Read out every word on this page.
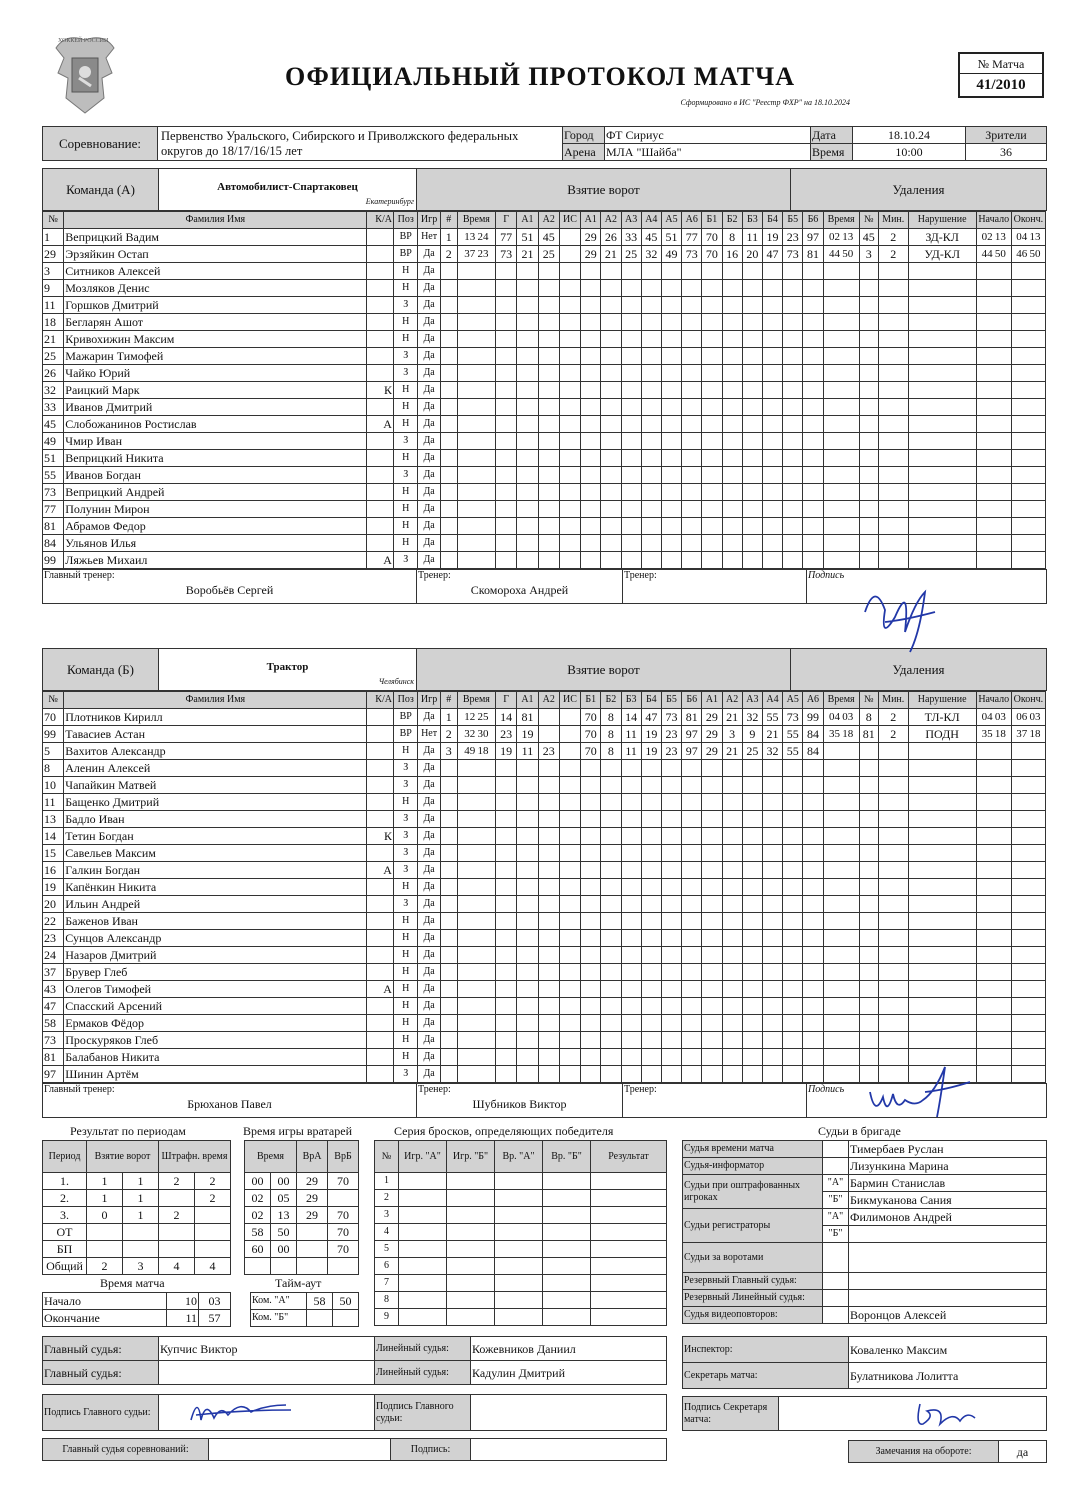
ХОККЕЙ РОССИИ
ОФИЦИАЛЬНЫЙ ПРОТОКОЛ МАТЧА
Сформировано в ИС "Реестр ФХР" на 18.10.2024
№ Матча
41/2010
Соревнование:	Первенство Уральского, Сибирского и Приволжского федеральных округов до 18/17/16/15 лет	Город	ФТ Сириус	Дата	18.10.24	Зрители
		Арена	МЛА "Шайба"	Время	10:00	36
Команда (А)	Автомобилист-Спартаковец
Екатеринбург
	Взятие ворот	Удаления
№	Фамилия Имя	К/А	Поз	Игр	#	Время	Г	А1	А2	ИС	А1	А2	А3	А4	А5	А6	Б1	Б2	Б3	Б4	Б5	Б6	Время	№	Мин.	Нарушение	Начало	Оконч.
1	Веприцкий Вадим		ВР	Нет	1	13 24	77	51	45		29	26	33	45	51	77	70	8	11	19	23	97	02 13	45	2	ЗД-КЛ	02 13	04 13
29	Эрзяйкин Остап		ВР	Да	2	37 23	73	21	25		29	21	25	32	49	73	70	16	20	47	73	81	44 50	3	2	УД-КЛ	44 50	46 50
3	Ситников Алексей		Н	Да																								
9	Мозляков Денис		Н	Да																								
11	Горшков Дмитрий		З	Да																								
18	Бегларян Ашот		Н	Да																								
21	Кривохижин Максим		Н	Да																								
25	Мажарин Тимофей		З	Да																								
26	Чайко Юрий		З	Да																								
32	Раицкий Марк	К	Н	Да																								
33	Иванов Дмитрий		Н	Да																								
45	Слобожанинов Ростислав	А	Н	Да																								
49	Чмир Иван		З	Да																								
51	Веприцкий Никита		Н	Да																								
55	Иванов Богдан		З	Да																								
73	Веприцкий Андрей		Н	Да																								
77	Полунин Мирон		Н	Да																								
81	Абрамов Федор		Н	Да																								
84	Ульянов Илья		Н	Да																								
99	Ляжьев Михаил	А	З	Да																								
Главный тренер:
Воробьёв Сергей

Тренер:
Скомороха Андрей

Тренер:	Подпись
Команда (Б)	Трактор
Челябинск
	Взятие ворот	Удаления
№	Фамилия Имя	К/А	Поз	Игр	#	Время	Г	А1	А2	ИС	Б1	Б2	Б3	Б4	Б5	Б6	А1	А2	А3	А4	А5	А6	Время	№	Мин.	Нарушение	Начало	Оконч.
70	Плотников Кирилл		ВР	Да	1	12 25	14	81			70	8	14	47	73	81	29	21	32	55	73	99	04 03	8	2	ТЛ-КЛ	04 03	06 03
99	Тавасиев Астан		ВР	Нет	2	32 30	23	19			70	8	11	19	23	97	29	3	9	21	55	84	35 18	81	2	ПОДН	35 18	37 18
5	Вахитов Александр		Н	Да	3	49 18	19	11	23		70	8	11	19	23	97	29	21	25	32	55	84						
8	Аленин Алексей		З	Да																								
10	Чапайкин Матвей		З	Да																								
11	Бащенко Дмитрий		Н	Да																								
13	Бадло Иван		З	Да																								
14	Тетин Богдан	К	З	Да																								
15	Савельев Максим		З	Да																								
16	Галкин Богдан	А	З	Да																								
19	Капёнкин Никита		Н	Да																								
20	Ильин Андрей		З	Да																								
22	Баженов Иван		Н	Да																								
23	Сунцов Александр		Н	Да																								
24	Назаров Дмитрий		Н	Да																								
37	Брувер Глеб		Н	Да																								
43	Олегов Тимофей	А	Н	Да																								
47	Спасский Арсений		Н	Да																								
58	Ермаков Фёдор		Н	Да																								
73	Проскуряков Глеб		Н	Да																								
81	Балабанов Никита		Н	Да																								
97	Шинин Артём		З	Да																								
Главный тренер:
Брюханов Павел

Тренер:
Шубников Виктор

Тренер:	Подпись
Результат по периодам
Период	Взятие ворот		Штрафн. время	
1.	1	1	2	2
2.	1	1		2
3.	0	1	2	
ОТ				
БП				
Общий	2	3	4	4
Время игры вратарей
Время		ВрА	ВрБ
00	00	29	70
02	05	29	
02	13	29	70
58	50		70
60	00		70

Время матча
Начало	10	03
Окончание	11	57
Тайм-аут
Ком. "А"	58	50
Ком. "Б"		
Серия бросков, определяющих победителя
№	Игр. "А"	Игр. "Б"	Вр. "А"	Вр. "Б"	Результат
1					
2					
3					
4					
5					
6					
7					
8					
9					
Судьи в бригаде
Судья времени матча		Тимербаев Руслан
Судья-информатор		Лизункина Марина
Судьи при оштрафованных игроках	"А"	Бармин Станислав
	"Б"	Бикмуканова Сания
Судьи регистраторы	"А"	Филимонов Андрей
	"Б"	
Судьи за воротами		
Резервный Главный судья:		
Резервный Линейный судья:		
Судья видеоповторов:		Воронцов Алексей
Главный судья:	Купчис Виктор	Линейный судья:	Кожевников Даниил
Главный судья:		Линейный судья:	Кадулин Дмитрий
Инспектор:	Коваленко Максим
Секретарь матча:	Булатникова Лолитта
Подпись Главного судьи:		Подпись Главного судьи:	
Подпись Секретаря матча:	
Главный судья соревнований:		Подпись:		Замечания на обороте:	да
